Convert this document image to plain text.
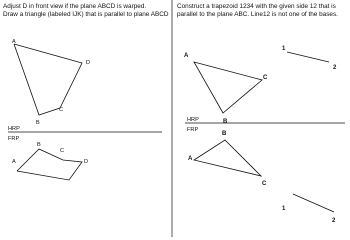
Adjust D in front view if the plane ABCD is warped.
Draw a triangle (labeled IJK) that is parallel to plane ABCD
Construct a trapezoid 1234 with the given side 12 that is
parallel to the plane ABC. Line12 is not one of the bases.
A
D
C
B
HRP
FRP
A
B
C
D
A
C
B
1
2
HRP
FRP
A
B
C
1
2
